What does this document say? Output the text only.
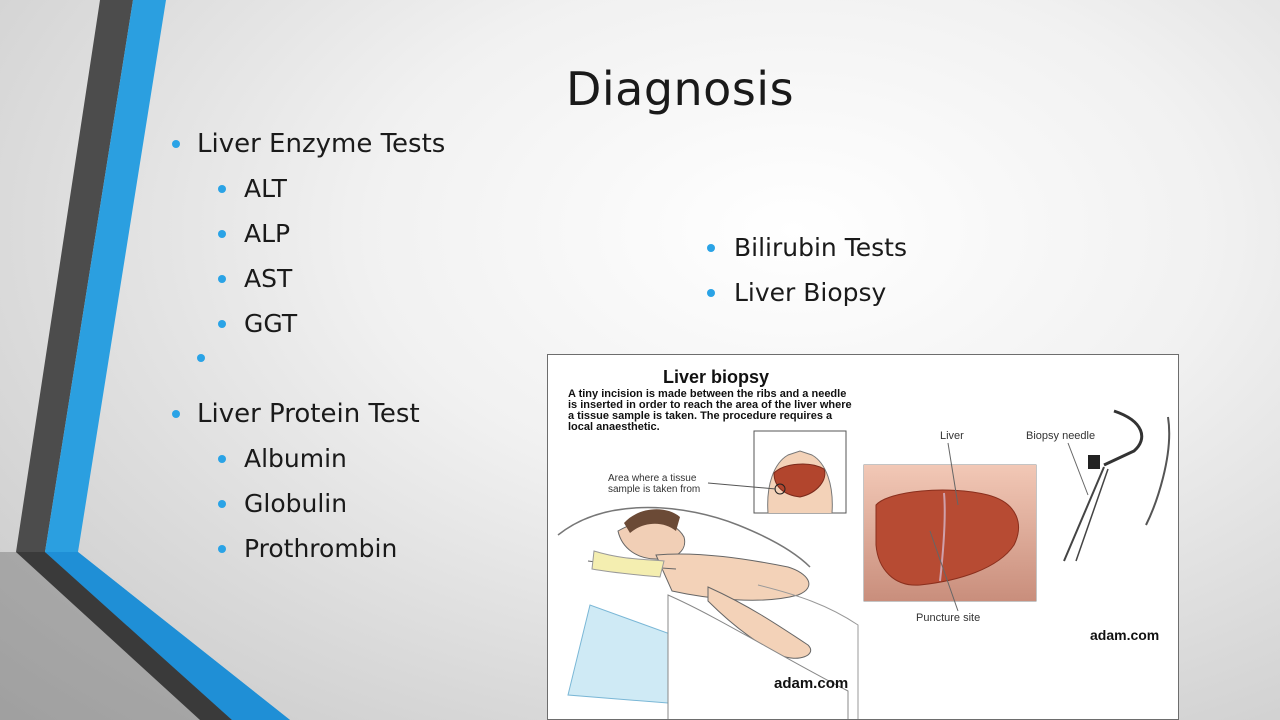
Diagnosis
Liver Enzyme Tests
ALT
ALP
AST
GGT
Liver Protein Test
Albumin
Globulin
Prothrombin
Bilirubin Tests
Liver Biopsy
Liver biopsy
A tiny incision is made between the ribs and a needle is inserted in order to reach the area of the liver where a tissue sample is taken. The procedure requires a local anaesthetic.
Area where a tissue sample is taken from
Liver	Biopsy needle
Puncture site
adam.com
adam.com
